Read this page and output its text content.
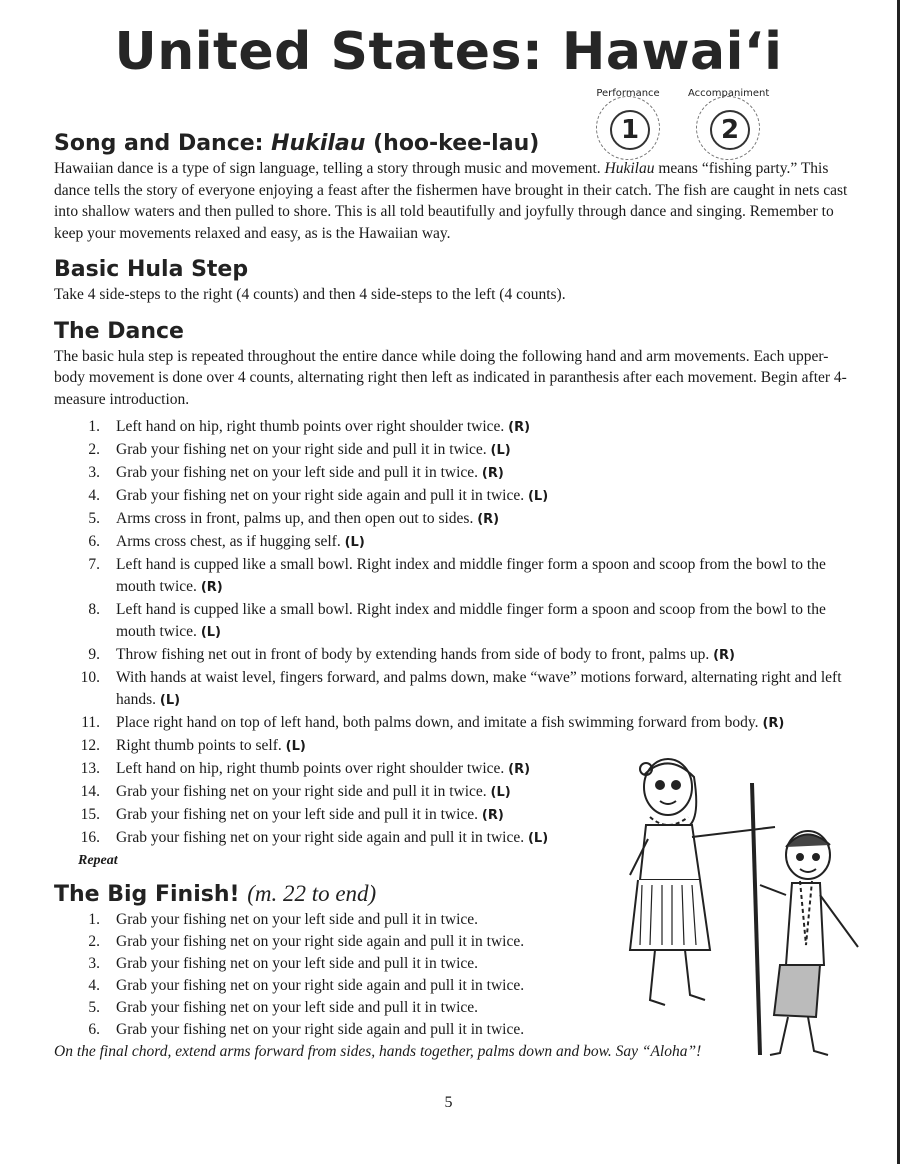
United States: Hawai‘i
Performance
1
Accompaniment
2
Song and Dance: Hukilau (hoo-kee-lau)

Hawaiian dance is a type of sign language, telling a story through music and movement. Hukilau means “fishing party.” This dance tells the story of everyone enjoying a feast after the fishermen have brought in their catch. The fish are caught in nets cast into shallow waters and then pulled to shore. This is all told beautifully and joyfully through dance and singing. Remember to keep your movements relaxed and easy, as is the Hawaiian way.

Basic Hula Step

Take 4 side-steps to the right (4 counts) and then 4 side-steps to the left (4 counts).

The Dance

The basic hula step is repeated throughout the entire dance while doing the following hand and arm movements. Each upper-body movement is done over 4 counts, alternating right then left as indicated in paranthesis after each movement. Begin after 4-measure introduction.

1. Left hand on hip, right thumb points over right shoulder twice. (R)
2. Grab your fishing net on your right side and pull it in twice. (L)
3. Grab your fishing net on your left side and pull it in twice. (R)
4. Grab your fishing net on your right side again and pull it in twice. (L)
5. Arms cross in front, palms up, and then open out to sides. (R)
6. Arms cross chest, as if hugging self. (L)
7. Left hand is cupped like a small bowl. Right index and middle finger form a spoon and scoop from the bowl to the mouth twice. (R)
8. Left hand is cupped like a small bowl. Right index and middle finger form a spoon and scoop from the bowl to the mouth twice. (L)
9. Throw fishing net out in front of body by extending hands from side of body to front, palms up. (R)
10. With hands at waist level, fingers forward, and palms down, make “wave” motions forward, alternating right and left hands. (L)
11. Place right hand on top of left hand, both palms down, and imitate a fish swimming forward from body. (R)
12. Right thumb points to self. (L)
13. Left hand on hip, right thumb points over right shoulder twice. (R)
14. Grab your fishing net on your right side and pull it in twice. (L)
15. Grab your fishing net on your left side and pull it in twice. (R)
16. Grab your fishing net on your right side again and pull it in twice. (L)
Repeat
The Big Finish! (m. 22 to end)
1. Grab your fishing net on your left side and pull it in twice.
2. Grab your fishing net on your right side again and pull it in twice.
3. Grab your fishing net on your left side and pull it in twice.
4. Grab your fishing net on your right side again and pull it in twice.
5. Grab your fishing net on your left side and pull it in twice.
6. Grab your fishing net on your right side again and pull it in twice.
On the final chord, extend arms forward from sides, hands together, palms down and bow. Say “Aloha”!
5
